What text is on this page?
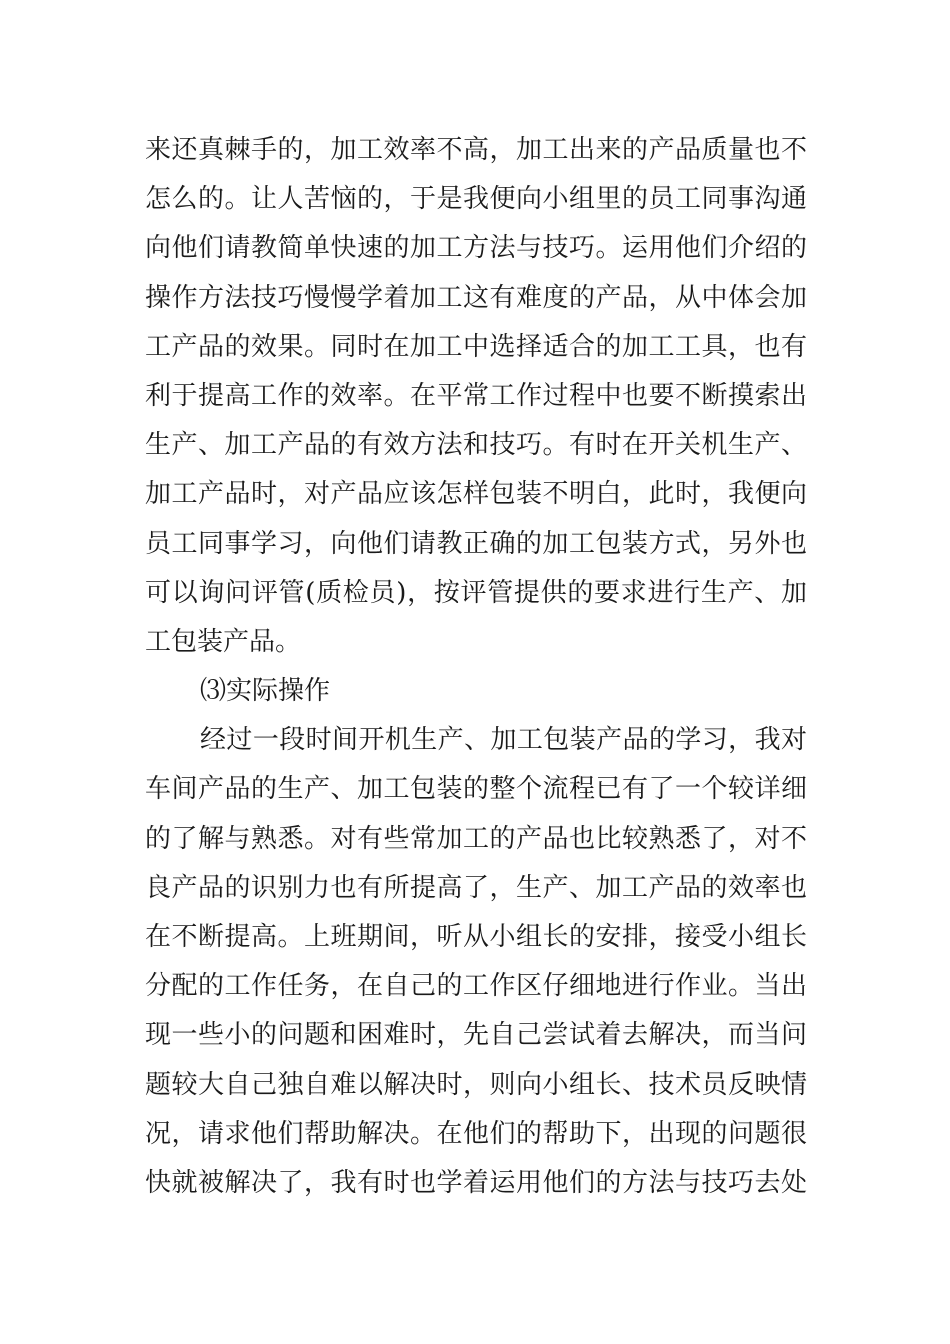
来还真棘手的，加工效率不高，加工出来的产品质量也不
怎么的。让人苦恼的，于是我便向小组里的员工同事沟通
向他们请教简单快速的加工方法与技巧。运用他们介绍的
操作方法技巧慢慢学着加工这有难度的产品，从中体会加
工产品的效果。同时在加工中选择适合的加工工具，也有
利于提高工作的效率。在平常工作过程中也要不断摸索出
生产、加工产品的有效方法和技巧。有时在开关机生产、
加工产品时，对产品应该怎样包装不明白，此时，我便向
员工同事学习，向他们请教正确的加工包装方式，另外也
可以询问评管(质检员)，按评管提供的要求进行生产、加
工包装产品。
⑶实际操作
经过一段时间开机生产、加工包装产品的学习，我对
车间产品的生产、加工包装的整个流程已有了一个较详细
的了解与熟悉。对有些常加工的产品也比较熟悉了，对不
良产品的识别力也有所提高了，生产、加工产品的效率也
在不断提高。上班期间，听从小组长的安排，接受小组长
分配的工作任务，在自己的工作区仔细地进行作业。当出
现一些小的问题和困难时，先自己尝试着去解决，而当问
题较大自己独自难以解决时，则向小组长、技术员反映情
况，请求他们帮助解决。在他们的帮助下，出现的问题很
快就被解决了，我有时也学着运用他们的方法与技巧去处
